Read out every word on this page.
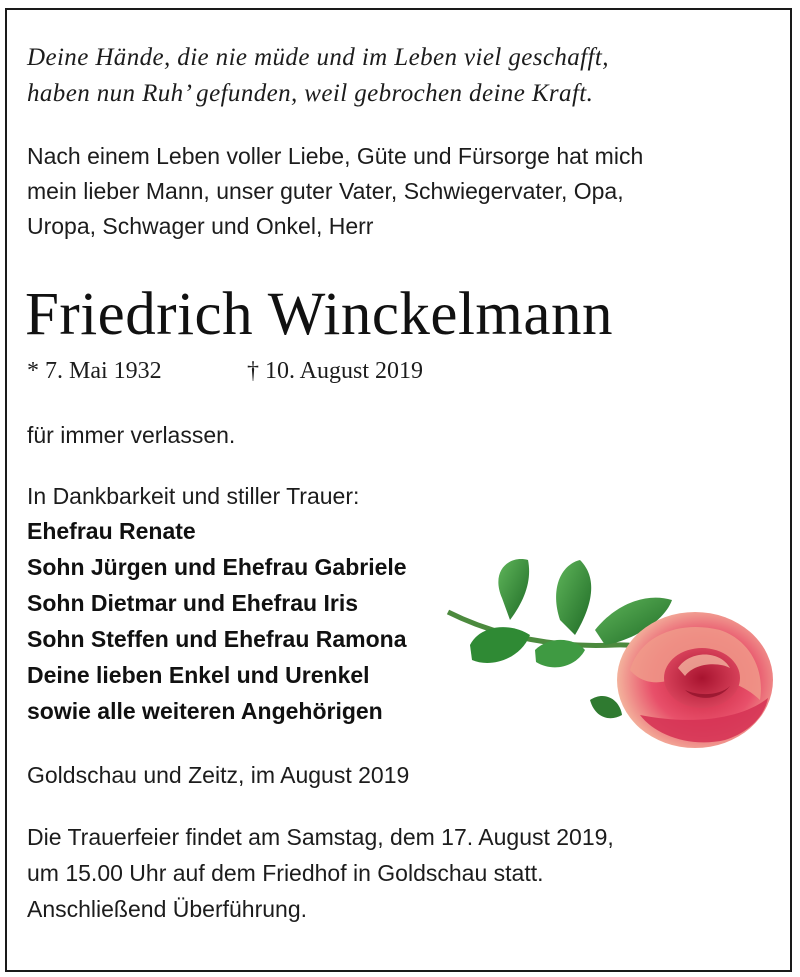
Deine Hände, die nie müde und im Leben viel geschafft,

haben nun Ruh’ gefunden, weil gebrochen deine Kraft.

Nach einem Leben voller Liebe, Güte und Fürsorge hat mich

mein lieber Mann, unser guter Vater, Schwiegervater, Opa,

Uropa, Schwager und Onkel, Herr

Friedrich Winckelmann

* 7. Mai 1932	† 10. August 2019

für immer verlassen.

In Dankbarkeit und stiller Trauer:

Ehefrau Renate

Sohn Jürgen und Ehefrau Gabriele

Sohn Dietmar und Ehefrau Iris

Sohn Steffen und Ehefrau Ramona

Deine lieben Enkel und Urenkel

sowie alle weiteren Angehörigen

Goldschau und Zeitz, im August 2019

Die Trauerfeier findet am Samstag, dem 17. August 2019,

um 15.00 Uhr auf dem Friedhof in Goldschau statt.

Anschließend Überführung.
